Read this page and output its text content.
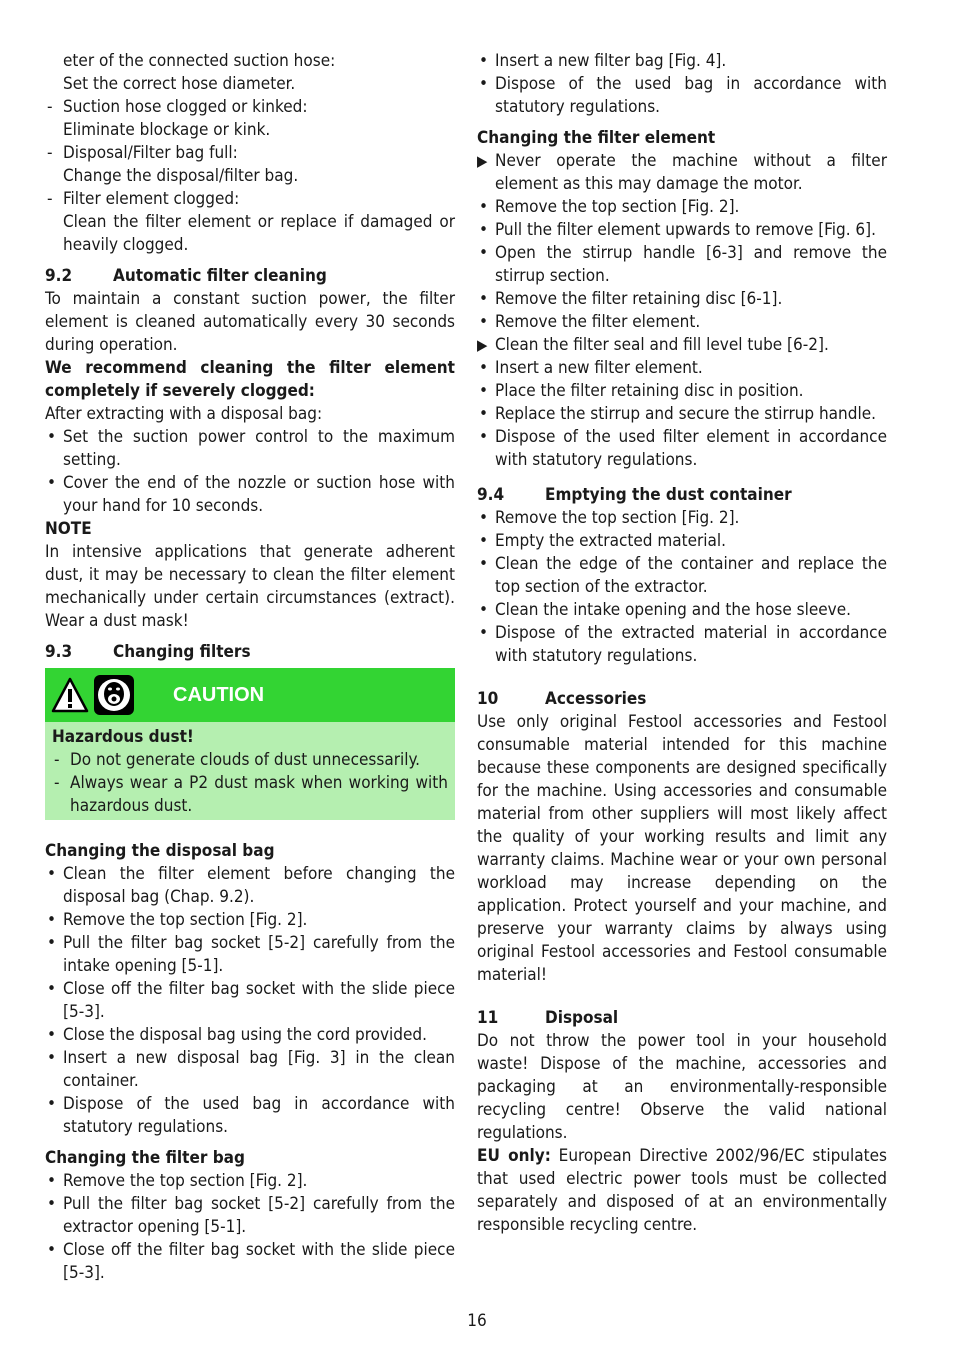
eter of the connected suction hose:
Set the correct hose diameter.
- Suction hose clogged or kinked:
Eliminate blockage or kink.
- Disposal/Filter bag full:
Change the disposal/filter bag.
- Filter element clogged:
Clean the filter element or replace if damaged or heavily clogged.
9.2	Automatic filter cleaning

To maintain a constant suction power, the filter element is cleaned automatically every 30 seconds during operation.

We recommend cleaning the filter element completely if severely clogged:

After extracting with a disposal bag:

• Set the suction power control to the maximum setting.
• Cover the end of the nozzle or suction hose with your hand for 10 seconds.

NOTE

In intensive applications that generate adherent dust, it may be necessary to clean the filter element mechanically under certain circumstances (extract). Wear a dust mask!

9.3	Changing filters
CAUTION

Hazardous dust!

- Do not generate clouds of dust unnecessarily.
- Always wear a P2 dust mask when working with hazardous dust.

Changing the disposal bag

• Clean the filter element before changing the disposal bag (Chap. 9.2).
• Remove the top section [Fig. 2].
• Pull the filter bag socket [5-2] carefully from the intake opening [5-1].
• Close off the filter bag socket with the slide piece [5-3].
• Close the disposal bag using the cord provided.
• Insert a new disposal bag [Fig. 3] in the clean container.
• Dispose of the used bag in accordance with statutory regulations.

Changing the filter bag

• Remove the top section [Fig. 2].
• Pull the filter bag socket [5-2] carefully from the extractor opening [5-1].
• Close off the filter bag socket with the slide piece [5-3].
• Insert a new filter bag [Fig. 4].
• Dispose of the used bag in accordance with statutory regulations.

Changing the filter element

▶ Never operate the machine without a filter element as this may damage the motor.
• Remove the top section [Fig. 2].
• Pull the filter element upwards to remove [Fig. 6].
• Open the stirrup handle [6-3] and remove the stirrup section.
• Remove the filter retaining disc [6-1].
• Remove the filter element.
▶ Clean the filter seal and fill level tube [6-2].
• Insert a new filter element.
• Place the filter retaining disc in position.
• Replace the stirrup and secure the stirrup handle.
• Dispose of the used filter element in accordance with statutory regulations.
9.4	Emptying the dust container
• Remove the top section [Fig. 2].
• Empty the extracted material.
• Clean the edge of the container and replace the top section of the extractor.
• Clean the intake opening and the hose sleeve.
• Dispose of the extracted material in accordance with statutory regulations.
10	Accessories

Use only original Festool accessories and Festool consumable material intended for this machine because these components are designed specifically for the machine. Using accessories and consumable material from other suppliers will most likely affect the quality of your working results and limit any warranty claims. Machine wear or your own personal workload may increase depending on the application. Protect yourself and your machine, and preserve your warranty claims by always using original Festool accessories and Festool consumable material!

11	Disposal

Do not throw the power tool in your household waste! Dispose of the machine, accessories and packaging at an environmentally-responsible recycling centre! Observe the valid national regulations.

EU only: European Directive 2002/96/EC stipulates that used electric power tools must be collected separately and disposed of at an environmentally responsible recycling centre.

16
